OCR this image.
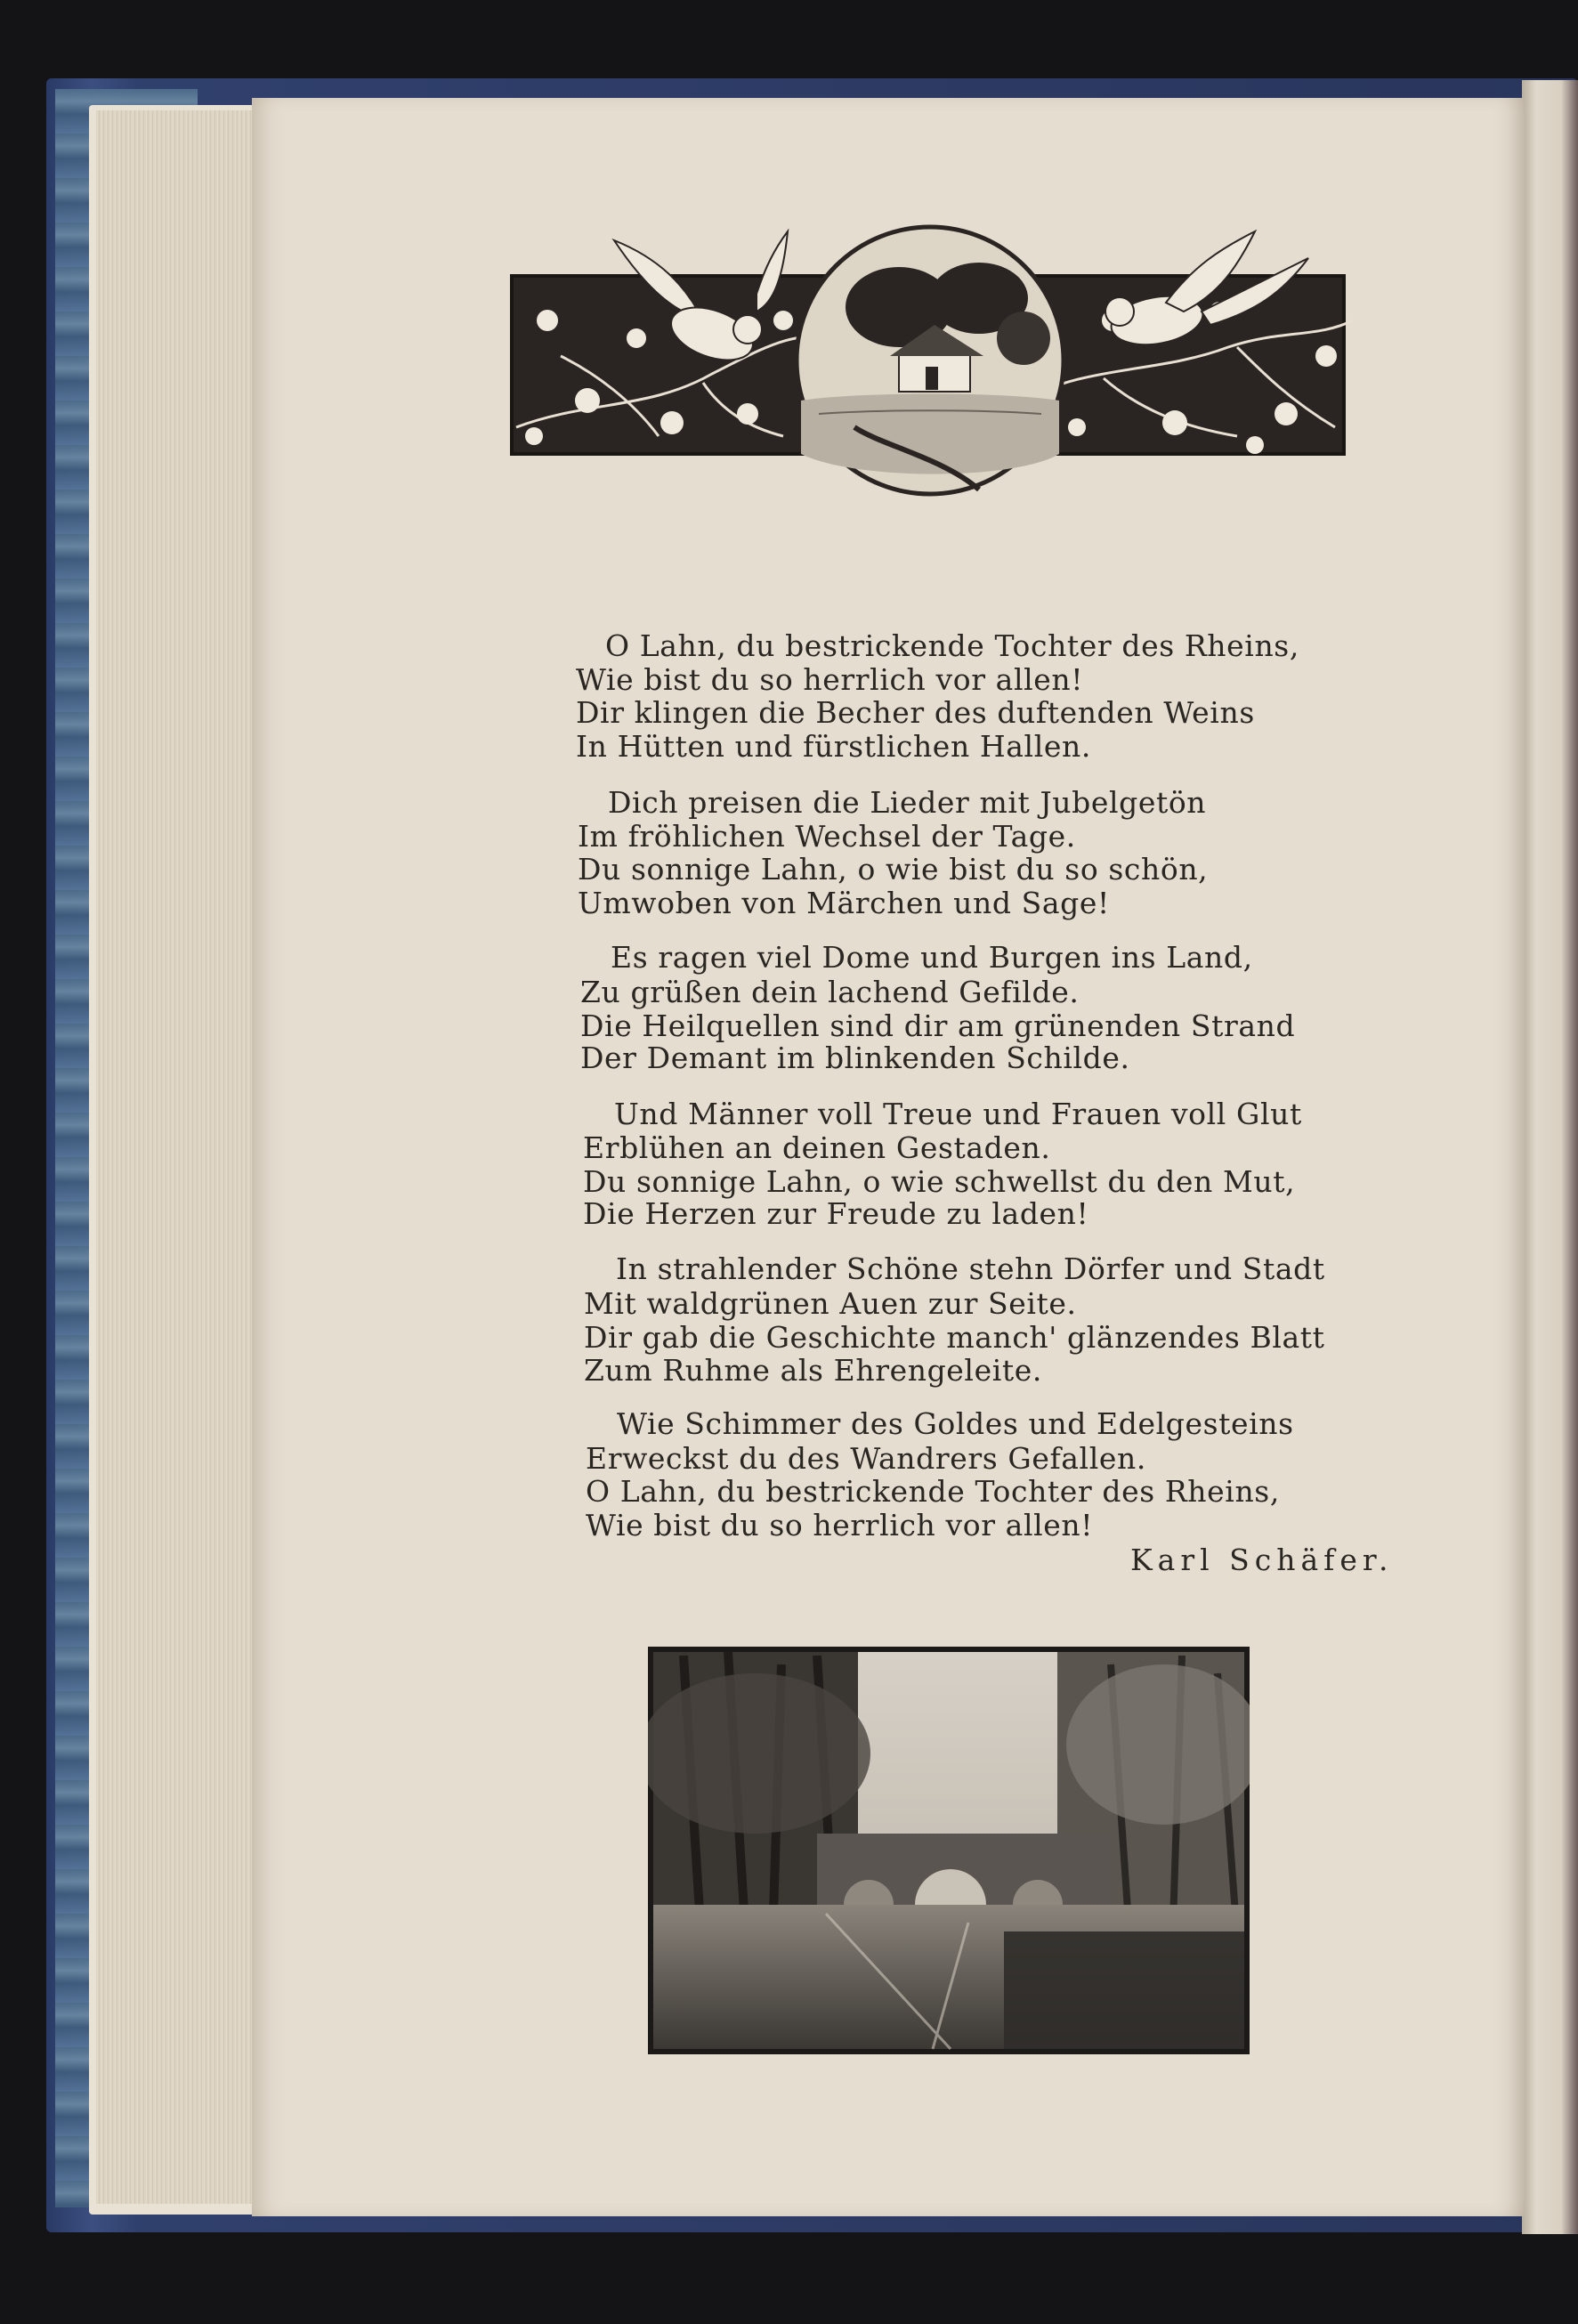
O Lahn, du bestrickende Tochter des Rheins,
Wie bist du so herrlich vor allen!
Dir klingen die Becher des duftenden Weins
In Hütten und fürstlichen Hallen.
Dich preisen die Lieder mit Jubelgetön
Im fröhlichen Wechsel der Tage.
Du sonnige Lahn, o wie bist du so schön,
Umwoben von Märchen und Sage!
Es ragen viel Dome und Burgen ins Land,
Zu grüßen dein lachend Gefilde.
Die Heilquellen sind dir am grünenden Strand
Der Demant im blinkenden Schilde.
Und Männer voll Treue und Frauen voll Glut
Erblühen an deinen Gestaden.
Du sonnige Lahn, o wie schwellst du den Mut,
Die Herzen zur Freude zu laden!
In strahlender Schöne stehn Dörfer und Stadt
Mit waldgrünen Auen zur Seite.
Dir gab die Geschichte manch' glänzendes Blatt
Zum Ruhme als Ehrengeleite.
Wie Schimmer des Goldes und Edelgesteins
Erweckst du des Wandrers Gefallen.
O Lahn, du bestrickende Tochter des Rheins,
Wie bist du so herrlich vor allen!
Karl Schäfer.
